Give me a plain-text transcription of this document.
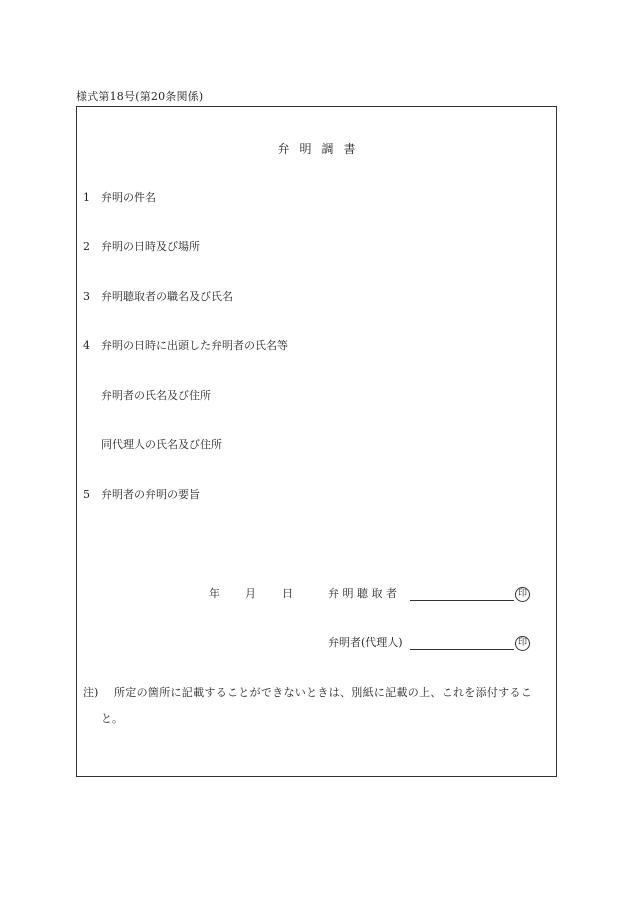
様式第18号(第20条関係)
弁明調書
1 弁明の件名
2 弁明の日時及び場所
3 弁明聴取者の職名及び氏名
4 弁明の日時に出頭した弁明者の氏名等
弁明者の氏名及び住所
同代理人の氏名及び住所
5 弁明者の弁明の要旨
年 月 日	弁 明 聴 取 者	印
弁明者(代理人)	印
注) 所定の箇所に記載することができないときは、別紙に記載の上、これを添付するこ
と。
